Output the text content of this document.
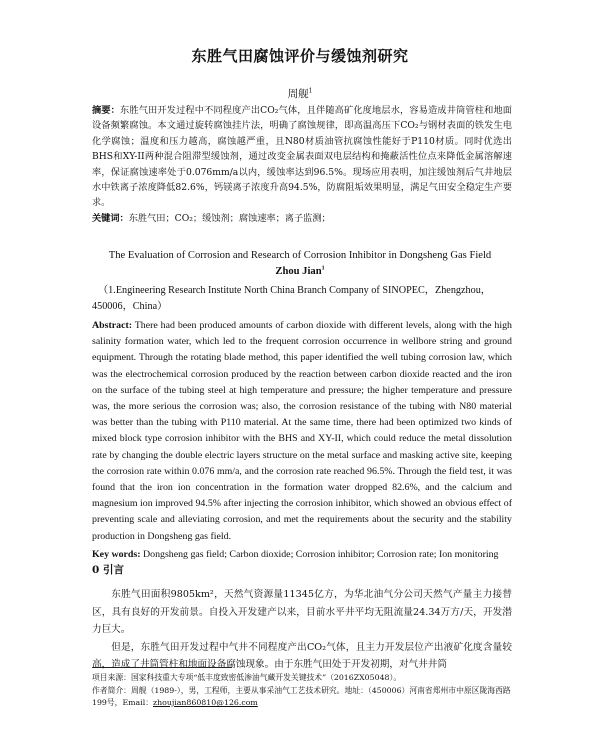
东胜气田腐蚀评价与缓蚀剂研究
周舰$^1$

摘要：东胜气田开发过程中不同程度产出CO₂气体，且伴随高矿化度地层水，容易造成井筒管柱和地面设备频繁腐蚀。本文通过旋转腐蚀挂片法，明确了腐蚀规律，即高温高压下CO₂与钢材表面的铁发生电化学腐蚀；温度和压力越高，腐蚀越严重，且N80材质油管抗腐蚀性能好于P110材质。同时优选出BHS和XY-II两种混合阻滞型缓蚀剂，通过改变金属表面双电层结构和掩蔽活性位点来降低金属溶解速率，保证腐蚀速率处于0.076mm/a以内，缓蚀率达到96.5%。现场应用表明，加注缓蚀剂后气井地层水中铁离子浓度降低82.6%，钙镁离子浓度升高94.5%，防腐阻垢效果明显，满足气田安全稳定生产要求。

关键词：东胜气田；CO₂；缓蚀剂；腐蚀速率；离子监测；

The Evaluation of Corrosion and Research of Corrosion Inhibitor in Dongsheng Gas Field
Zhou Jian$^1$
（1.Engineering Research Institute North China Branch Company of SINOPEC，Zhengzhou，450006，China）

Abstract: There had been produced amounts of carbon dioxide with different levels, along with the high salinity formation water, which led to the frequent corrosion occurrence in wellbore string and ground equipment. Through the rotating blade method, this paper identified the well tubing corrosion law, which was the electrochemical corrosion produced by the reaction between carbon dioxide reacted and the iron on the surface of the tubing steel at high temperature and pressure; the higher temperature and pressure was, the more serious the corrosion was; also, the corrosion resistance of the tubing with N80 material was better than the tubing with P110 material. At the same time, there had been optimized two kinds of mixed block type corrosion inhibitor with the BHS and XY-II, which could reduce the metal dissolution rate by changing the double electric layers structure on the metal surface and masking active site, keeping the corrosion rate within 0.076 mm/a, and the corrosion rate reached 96.5%. Through the field test, it was found that the iron ion concentration in the formation water dropped 82.6%, and the calcium and magnesium ion improved 94.5% after injecting the corrosion inhibitor, which showed an obvious effect of preventing scale and alleviating corrosion, and met the requirements about the security and the stability production in Dongsheng gas field.

Key words: Dongsheng gas field; Carbon dioxide; Corrosion inhibitor; Corrosion rate; Ion monitoring

0 引言

东胜气田面积9805km²，天然气资源量11345亿方，为华北油气分公司天然气产量主力接替区，具有良好的开发前景。自投入开发建产以来，目前水平井平均无阻流量24.34万方/天，开发潜力巨大。

但是，东胜气田开发过程中气井不同程度产出CO₂气体，且主力开发层位产出液矿化度含量较高，造成了井筒管柱和地面设备腐蚀现象。由于东胜气田处于开发初期，对气井井筒

项目来源：国家科技重大专项“低丰度致密低渗油气藏开发关键技术”（2016ZX05048）。

作者简介：周舰（1989-），男，工程师，主要从事采油气工艺技术研究。地址：（450006）河南省郑州市中原区陇海西路199号，Email：zhoujian860810@126.com
